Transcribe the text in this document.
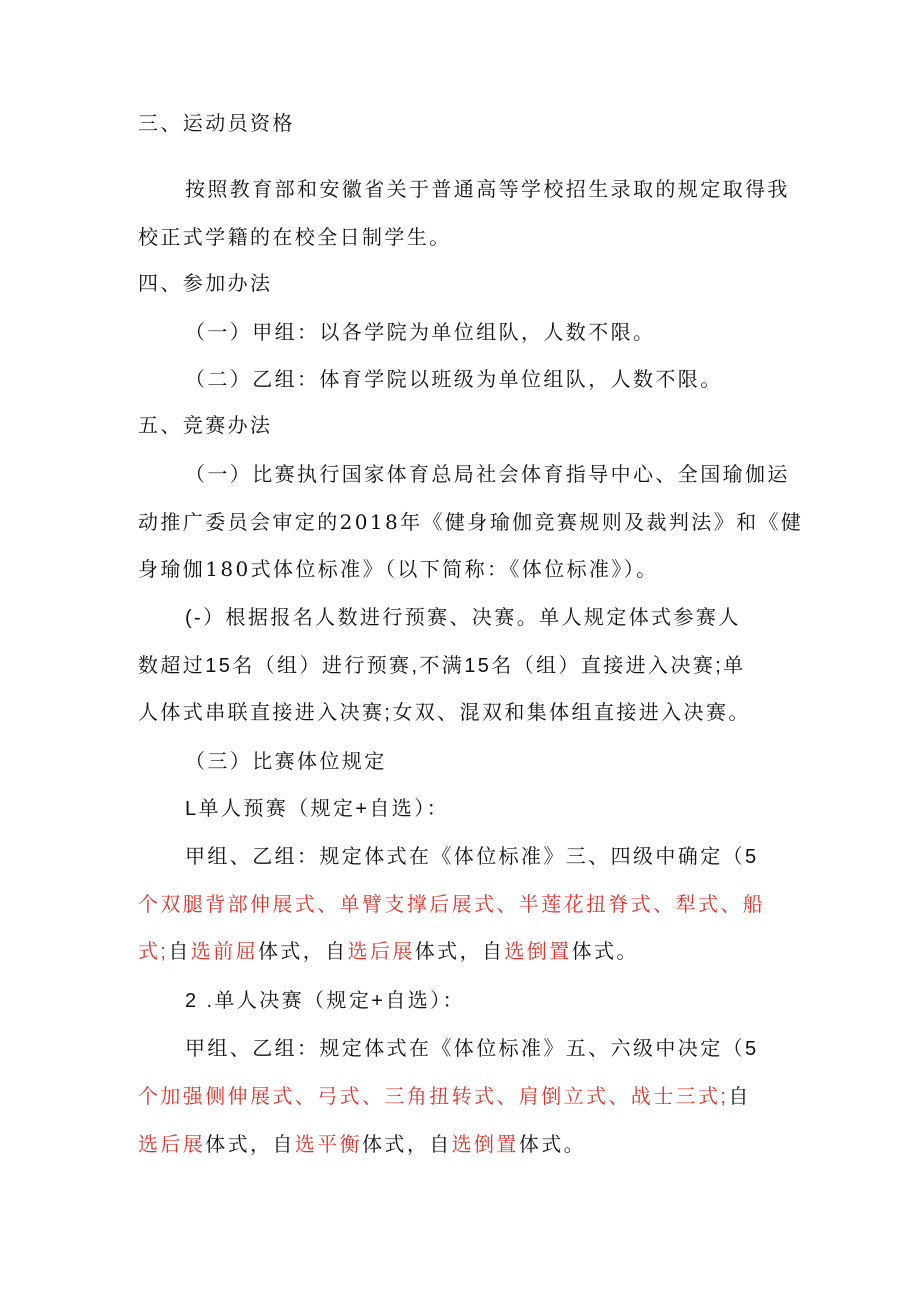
三、运动员资格
按照教育部和安徽省关于普通高等学校招生录取的规定取得我
校正式学籍的在校全日制学生。
四、参加办法
（一）甲组：以各学院为单位组队，人数不限。
（二）乙组：体育学院以班级为单位组队，人数不限。
五、竞赛办法
（一）比赛执行国家体育总局社会体育指导中心、全国瑜伽运
动推广委员会审定的2018年《健身瑜伽竞赛规则及裁判法》和《健
身瑜伽180式体位标准》（以下简称：《体位标准》）。
(-）根据报名人数进行预赛、决赛。单人规定体式参赛人
数超过15名（组）进行预赛,不满15名（组）直接进入决赛;单
人体式串联直接进入决赛;女双、混双和集体组直接进入决赛。
（三）比赛体位规定
L单人预赛（规定+自选）：
甲组、乙组：规定体式在《体位标准》三、四级中确定（5
个双腿背部伸展式、单臂支撑后展式、半莲花扭脊式、犁式、船
式;自选前屈体式，自选后展体式，自选倒置体式。
2 .单人决赛（规定+自选）：
甲组、乙组：规定体式在《体位标准》五、六级中决定（5
个加强侧伸展式、弓式、三角扭转式、肩倒立式、战士三式;自
选后展体式，自选平衡体式，自选倒置体式。
